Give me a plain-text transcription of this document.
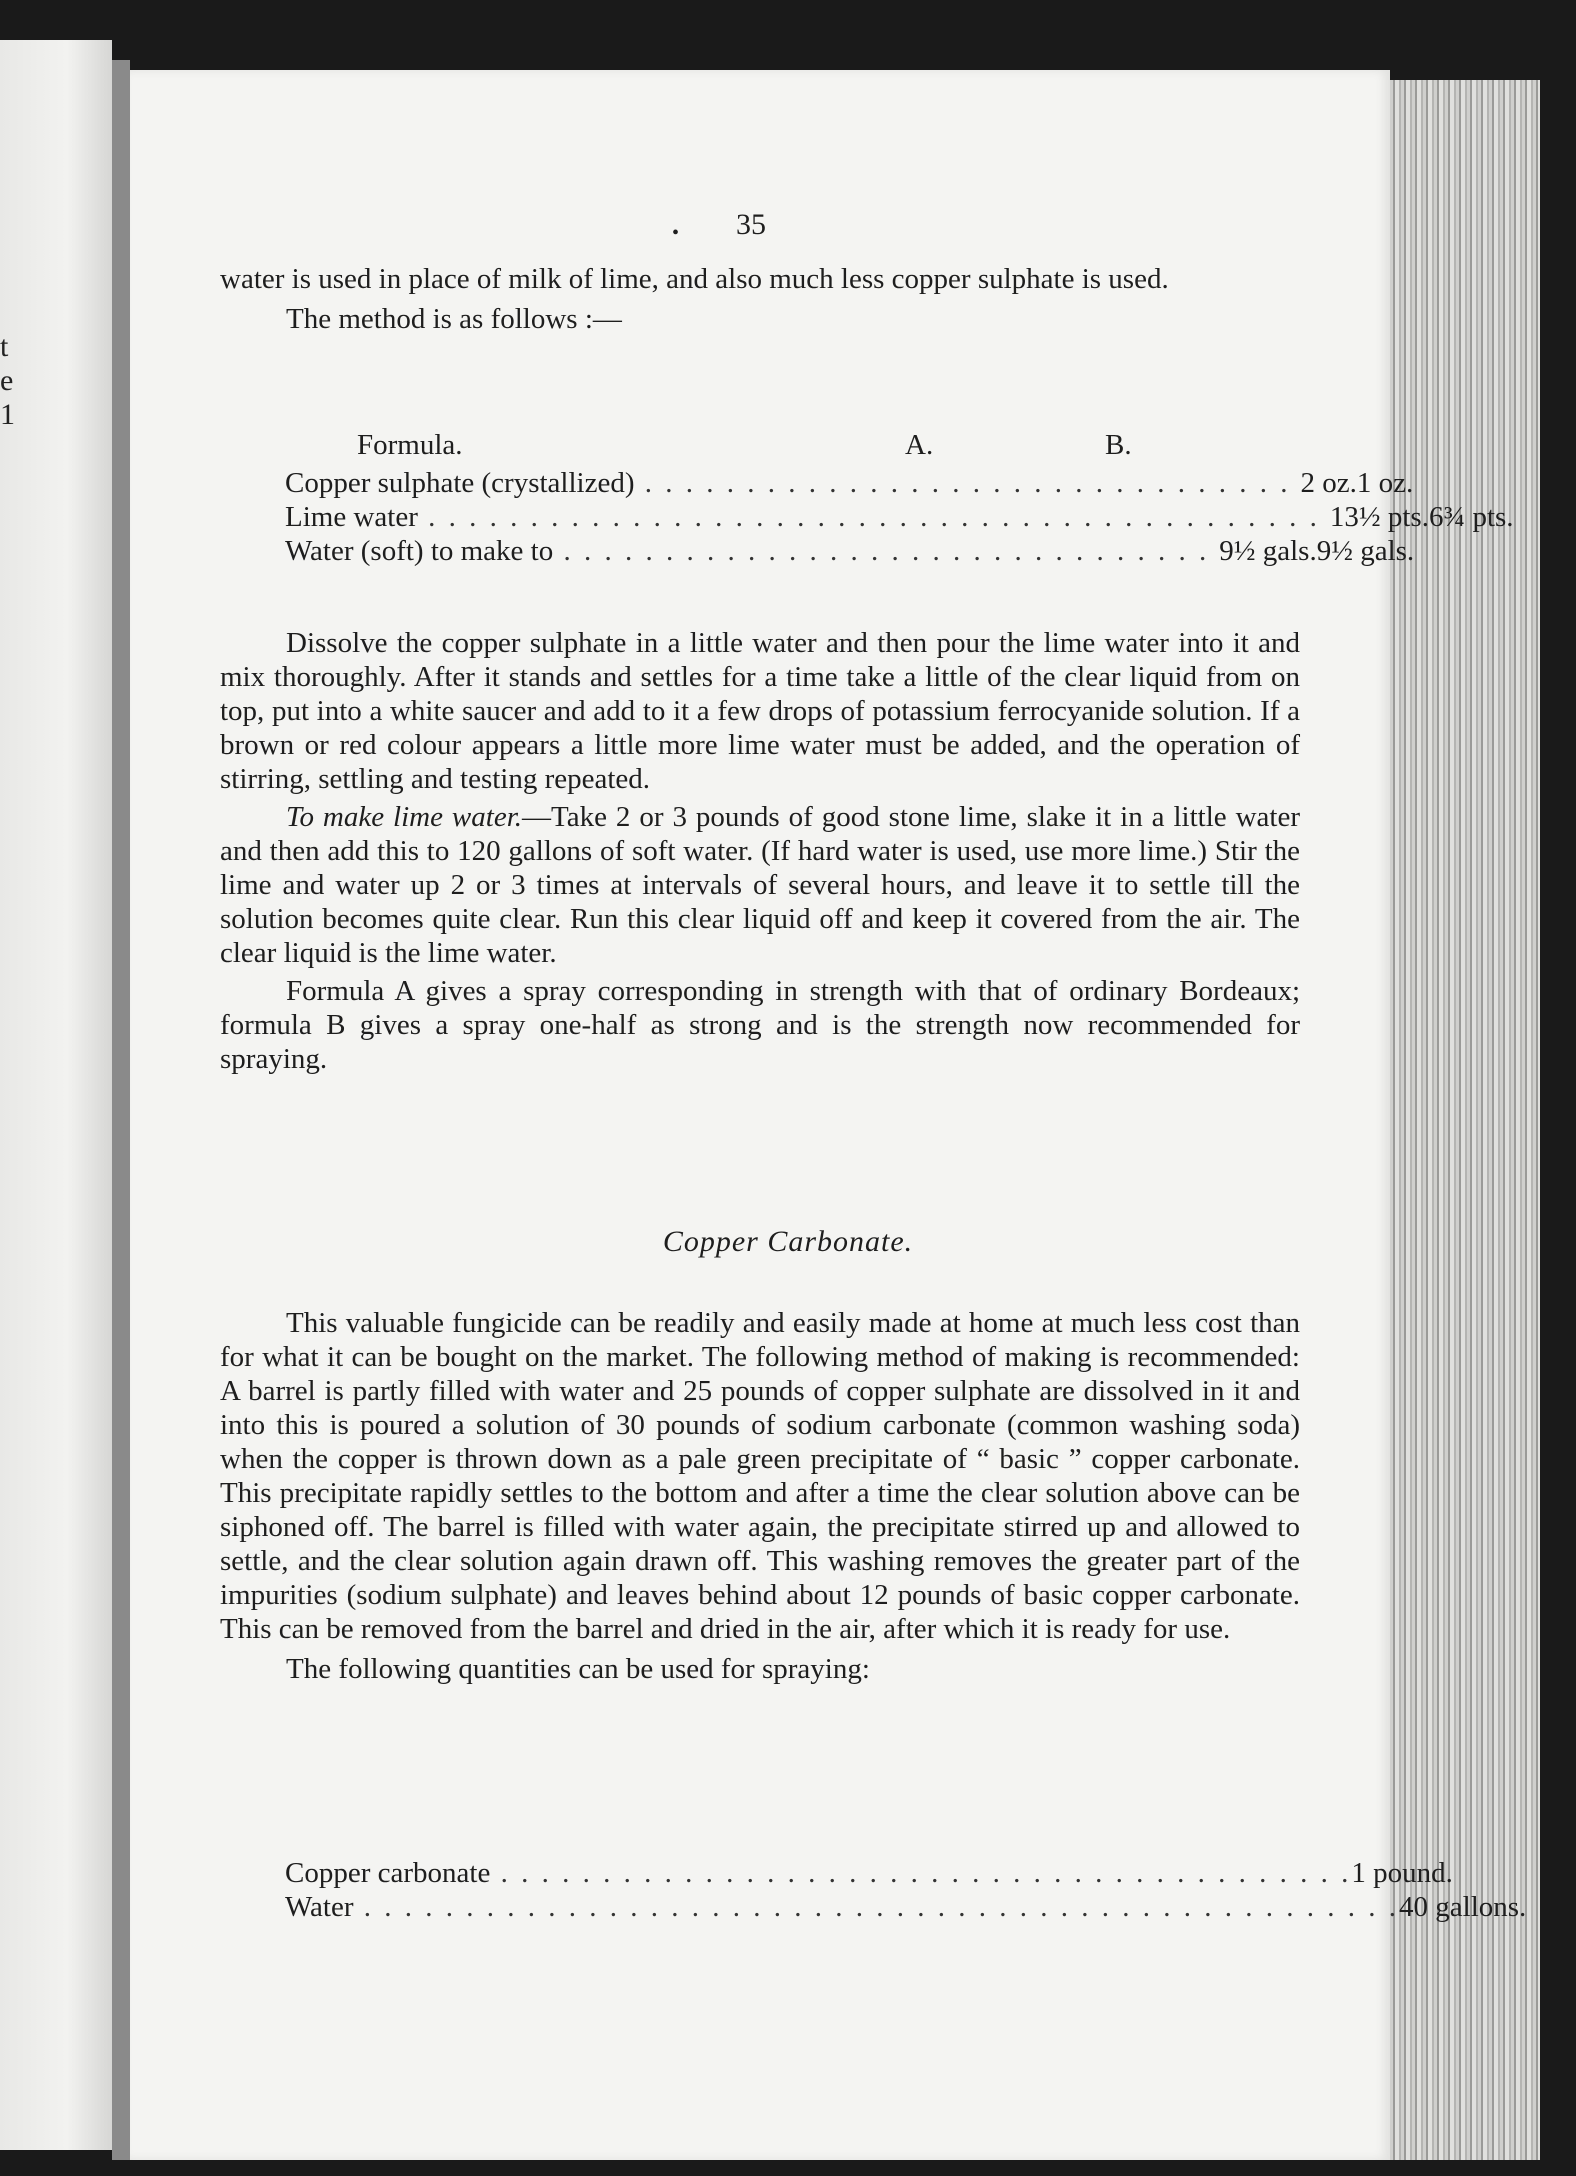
t
e
1
• 35

water is used in place of milk of lime, and also much less copper sulphate is used.

The method is as follows :—

Formula.	A.	B.
Copper sulphate (crystallized) . . . . . . . . . . . . . . . . . . . . . . . . . . . . . . . . 2 oz. 1 oz.
Lime water . . . . . . . . . . . . . . . . . . . . . . . . . . . . . . . . . . . . . . . . . . . . 13½ pts. 6¾ pts.
Water (soft) to make to . . . . . . . . . . . . . . . . . . . . . . . . . . . . . . . . 9½ gals. 9½ gals.

Dissolve the copper sulphate in a little water and then pour the lime water into it and mix thoroughly. After it stands and settles for a time take a little of the clear liquid from on top, put into a white saucer and add to it a few drops of potassium ferrocyanide solution. If a brown or red colour appears a little more lime water must be added, and the operation of stirring, settling and testing repeated.

To make lime water.—Take 2 or 3 pounds of good stone lime, slake it in a little water and then add this to 120 gallons of soft water. (If hard water is used, use more lime.) Stir the lime and water up 2 or 3 times at intervals of several hours, and leave it to settle till the solution becomes quite clear. Run this clear liquid off and keep it covered from the air. The clear liquid is the lime water.

Formula A gives a spray corresponding in strength with that of ordinary Bordeaux; formula B gives a spray one-half as strong and is the strength now recommended for spraying.

Copper Carbonate.

This valuable fungicide can be readily and easily made at home at much less cost than for what it can be bought on the market. The following method of making is recommended: A barrel is partly filled with water and 25 pounds of copper sulphate are dissolved in it and into this is poured a solution of 30 pounds of sodium carbonate (common washing soda) when the copper is thrown down as a pale green precipitate of “ basic ” copper carbonate. This precipitate rapidly settles to the bottom and after a time the clear solution above can be siphoned off. The barrel is filled with water again, the precipitate stirred up and allowed to settle, and the clear solution again drawn off. This washing removes the greater part of the impurities (sodium sulphate) and leaves behind about 12 pounds of basic copper carbonate. This can be removed from the barrel and dried in the air, after which it is ready for use.

The following quantities can be used for spraying:

Copper carbonate . . . . . . . . . . . . . . . . . . . . . . . . . . . . . . . . . . . . . . . . . . 1 pound.
Water . . . . . . . . . . . . . . . . . . . . . . . . . . . . . . . . . . . . . . . . . . . . . . . . . . . 40 gallons.
